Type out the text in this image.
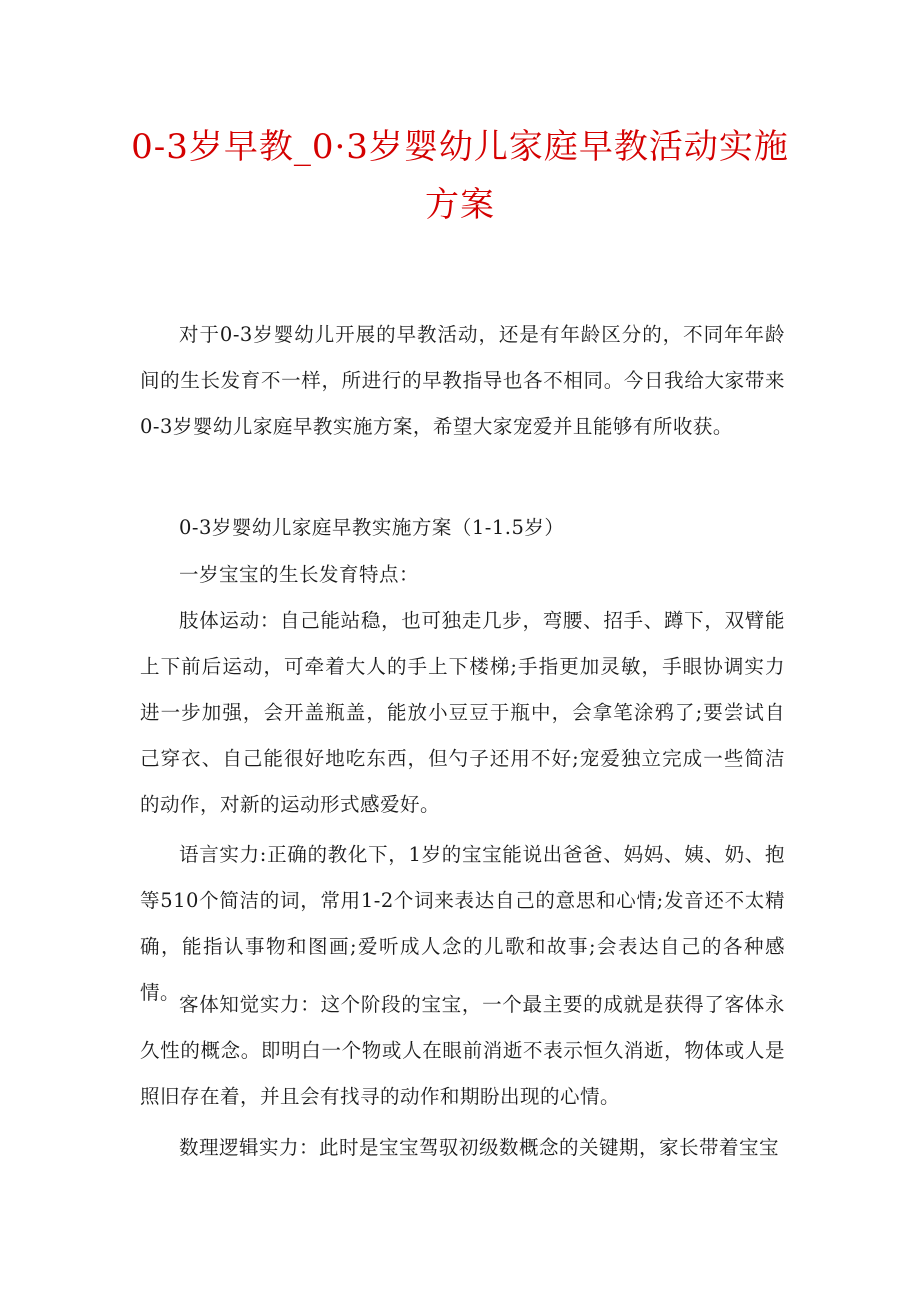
0-3岁早教_0·3岁婴幼儿家庭早教活动实施方案

对于0-3岁婴幼儿开展的早教活动，还是有年龄区分的，不同年年龄间的生长发育不一样，所进行的早教指导也各不相同。今日我给大家带来0-3岁婴幼儿家庭早教实施方案，希望大家宠爱并且能够有所收获。

0-3岁婴幼儿家庭早教实施方案（1-1.5岁）

一岁宝宝的生长发育特点：

肢体运动：自己能站稳，也可独走几步，弯腰、招手、蹲下，双臂能上下前后运动，可牵着大人的手上下楼梯;手指更加灵敏，手眼协调实力进一步加强，会开盖瓶盖，能放小豆豆于瓶中，会拿笔涂鸦了;要尝试自己穿衣、自己能很好地吃东西，但勺子还用不好;宠爱独立完成一些简洁的动作，对新的运动形式感爱好。

语言实力:正确的教化下，1岁的宝宝能说出爸爸、妈妈、姨、奶、抱等510个简洁的词，常用1-2个词来表达自己的意思和心情;发音还不太精确，能指认事物和图画;爱听成人念的儿歌和故事;会表达自己的各种感情。

客体知觉实力：这个阶段的宝宝，一个最主要的成就是获得了客体永久性的概念。即明白一个物或人在眼前消逝不表示恒久消逝，物体或人是照旧存在着，并且会有找寻的动作和期盼出现的心情。

数理逻辑实力：此时是宝宝驾驭初级数概念的关键期，家长带着宝宝
